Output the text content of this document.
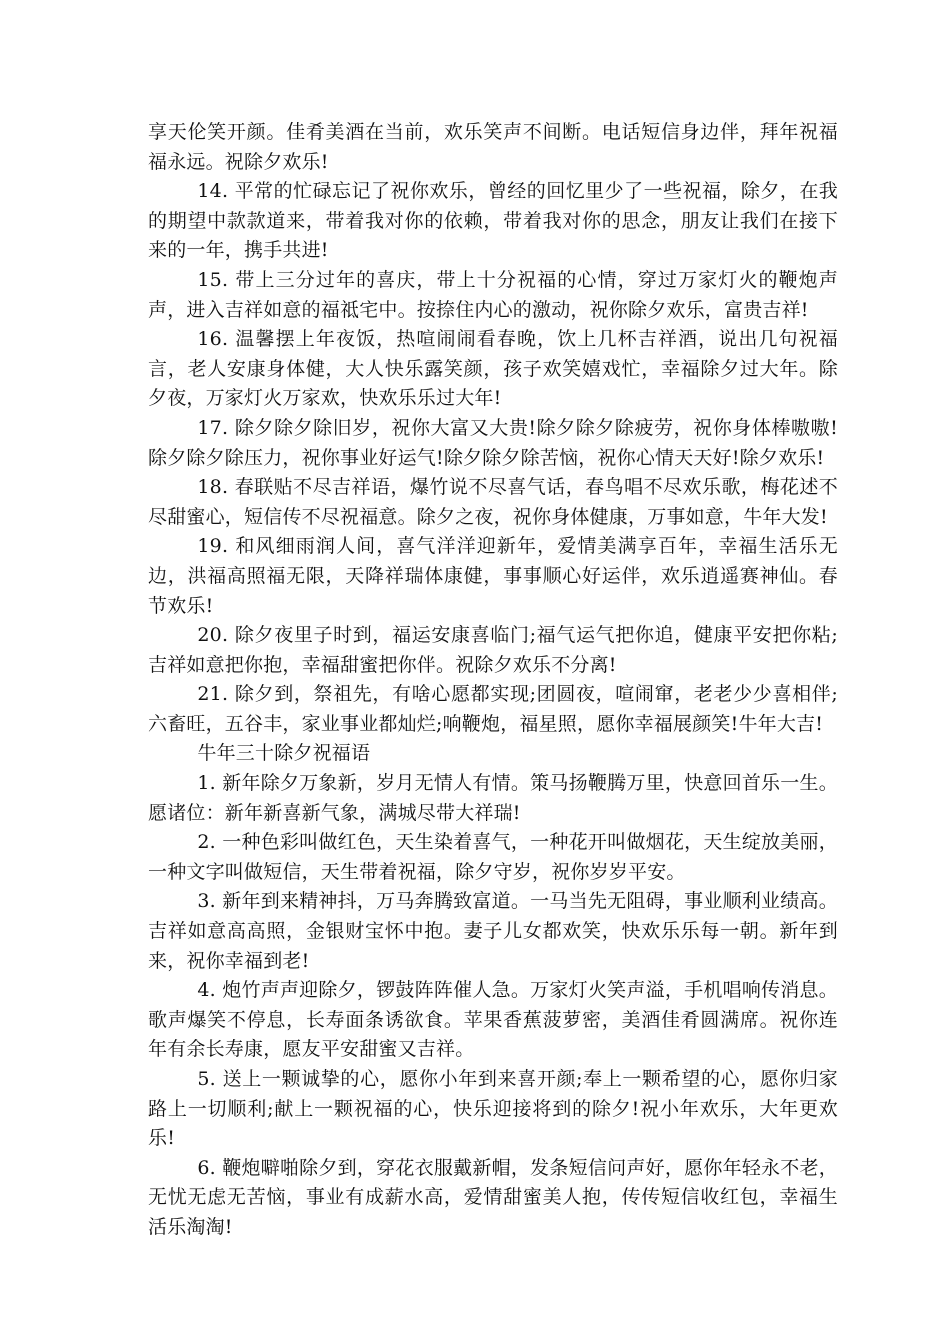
享天伦笑开颜。佳肴美酒在当前，欢乐笑声不间断。电话短信身边伴，拜年祝福福永远。祝除夕欢乐!

14. 平常的忙碌忘记了祝你欢乐，曾经的回忆里少了一些祝福，除夕，在我的期望中款款道来，带着我对你的依赖，带着我对你的思念，朋友让我们在接下来的一年，携手共进!

15. 带上三分过年的喜庆，带上十分祝福的心情，穿过万家灯火的鞭炮声声，进入吉祥如意的福祗宅中。按捺住内心的激动，祝你除夕欢乐，富贵吉祥!

16. 温馨摆上年夜饭，热喧闹闹看春晚，饮上几杯吉祥酒，说出几句祝福言，老人安康身体健，大人快乐露笑颜，孩子欢笑嬉戏忙，幸福除夕过大年。除夕夜，万家灯火万家欢，快欢乐乐过大年!

17. 除夕除夕除旧岁，祝你大富又大贵!除夕除夕除疲劳，祝你身体棒嗷嗷!除夕除夕除压力，祝你事业好运气!除夕除夕除苦恼，祝你心情天天好!除夕欢乐!

18. 春联贴不尽吉祥语，爆竹说不尽喜气话，春鸟唱不尽欢乐歌，梅花述不尽甜蜜心，短信传不尽祝福意。除夕之夜，祝你身体健康，万事如意，牛年大发!

19. 和风细雨润人间，喜气洋洋迎新年，爱情美满享百年，幸福生活乐无边，洪福高照福无限，天降祥瑞体康健，事事顺心好运伴，欢乐逍遥赛神仙。春节欢乐!

20. 除夕夜里子时到，福运安康喜临门;福气运气把你追，健康平安把你粘;吉祥如意把你抱，幸福甜蜜把你伴。祝除夕欢乐不分离!

21. 除夕到，祭祖先，有啥心愿都实现;团圆夜，喧闹窜，老老少少喜相伴;六畜旺，五谷丰，家业事业都灿烂;响鞭炮，福星照，愿你幸福展颜笑!牛年大吉!

牛年三十除夕祝福语

1. 新年除夕万象新，岁月无情人有情。策马扬鞭腾万里，快意回首乐一生。愿诸位：新年新喜新气象，满城尽带大祥瑞!

2. 一种色彩叫做红色，天生染着喜气，一种花开叫做烟花，天生绽放美丽，一种文字叫做短信，天生带着祝福，除夕守岁，祝你岁岁平安。

3. 新年到来精神抖，万马奔腾致富道。一马当先无阻碍，事业顺利业绩高。吉祥如意高高照，金银财宝怀中抱。妻子儿女都欢笑，快欢乐乐每一朝。新年到来，祝你幸福到老!

4. 炮竹声声迎除夕，锣鼓阵阵催人急。万家灯火笑声溢，手机唱响传消息。歌声爆笑不停息，长寿面条诱欲食。苹果香蕉菠萝密，美酒佳肴圆满席。祝你连年有余长寿康，愿友平安甜蜜又吉祥。

5. 送上一颗诚挚的心，愿你小年到来喜开颜;奉上一颗希望的心，愿你归家路上一切顺利;献上一颗祝福的心，快乐迎接将到的除夕!祝小年欢乐，大年更欢乐!

6. 鞭炮噼啪除夕到，穿花衣服戴新帽，发条短信问声好，愿你年轻永不老，无忧无虑无苦恼，事业有成薪水高，爱情甜蜜美人抱，传传短信收红包，幸福生活乐淘淘!
